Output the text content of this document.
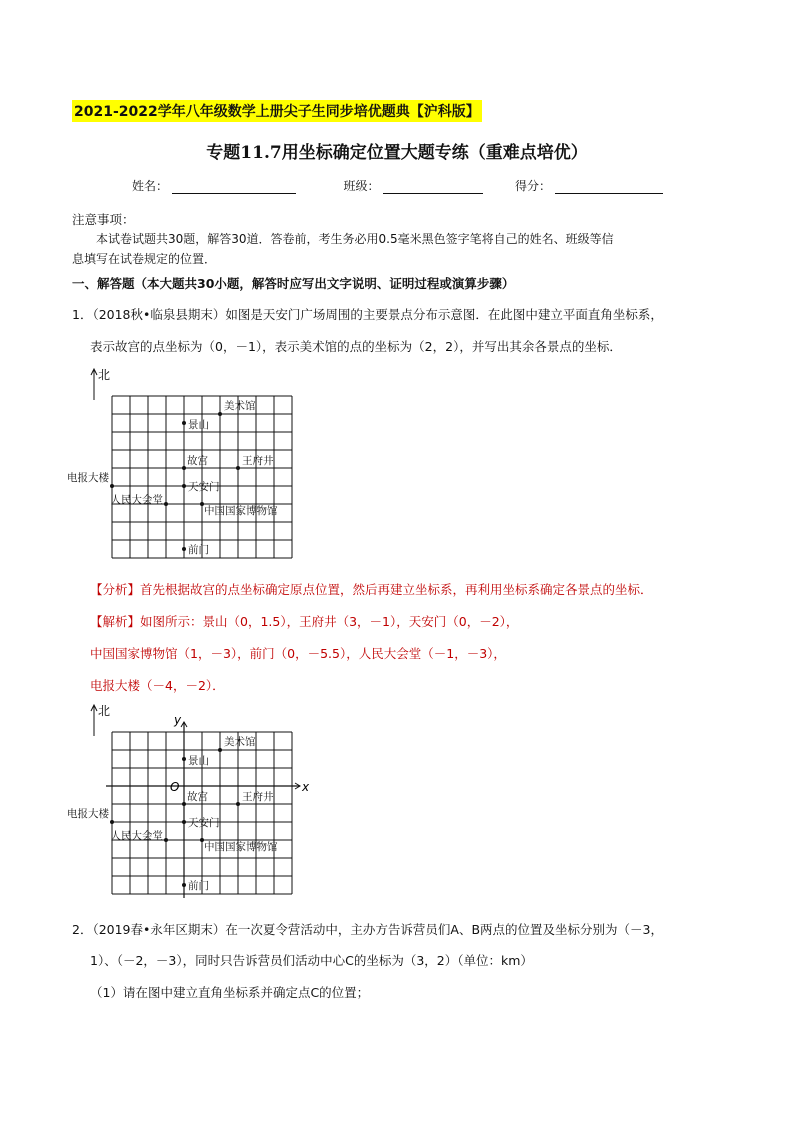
2021-2022学年八年级数学上册尖子生同步培优题典【沪科版】
专题11.7用坐标确定位置大题专练（重难点培优）
姓名：	班级：	得分：
注意事项：
本试卷试题共30题，解答30道．答卷前，考生务必用0.5毫米黑色签字笔将自己的姓名、班级等信
息填写在试卷规定的位置．
一、解答题（本大题共30小题，解答时应写出文字说明、证明过程或演算步骤）
1．（2018秋•临泉县期末）如图是天安门广场周围的主要景点分布示意图．在此图中建立平面直角坐标系，
表示故宫的点坐标为（0，－1），表示美术馆的点的坐标为（2，2），并写出其余各景点的坐标．
北
美术馆
景山
故宫	王府井
电报大楼
天安门
人民大会堂
中国国家博物馆
前门
【分析】首先根据故宫的点坐标确定原点位置，然后再建立坐标系，再利用坐标系确定各景点的坐标．
【解析】如图所示：景山（0，1.5），王府井（3，－1），天安门（0，－2），
中国国家博物馆（1，－3），前门（0，－5.5），人民大会堂（－1，－3），
电报大楼（－4，－2）．
北
x
y
O
美术馆
景山
故宫	王府井
电报大楼
天安门
人民大会堂
中国国家博物馆
前门
2．（2019春•永年区期末）在一次夏令营活动中，主办方告诉营员们A、B两点的位置及坐标分别为（－3，
1）、（－2，－3），同时只告诉营员们活动中心C的坐标为（3，2）（单位：km）
（1）请在图中建立直角坐标系并确定点C的位置；
